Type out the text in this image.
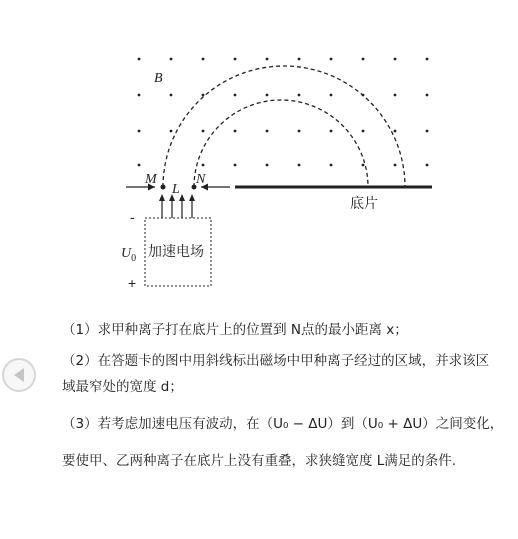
B
M
L
N
底片
-
+
$U_0$ 加速电场
（1）求甲种离子打在底片上的位置到 N点的最小距离 x；
（2）在答题卡的图中用斜线标出磁场中甲种离子经过的区域，并求该区
域最窄处的宽度 d；
（3）若考虑加速电压有波动，在（U₀ − ΔU）到（U₀ + ΔU）之间变化，
要使甲、乙两种离子在底片上没有重叠，求狭缝宽度 L满足的条件.
